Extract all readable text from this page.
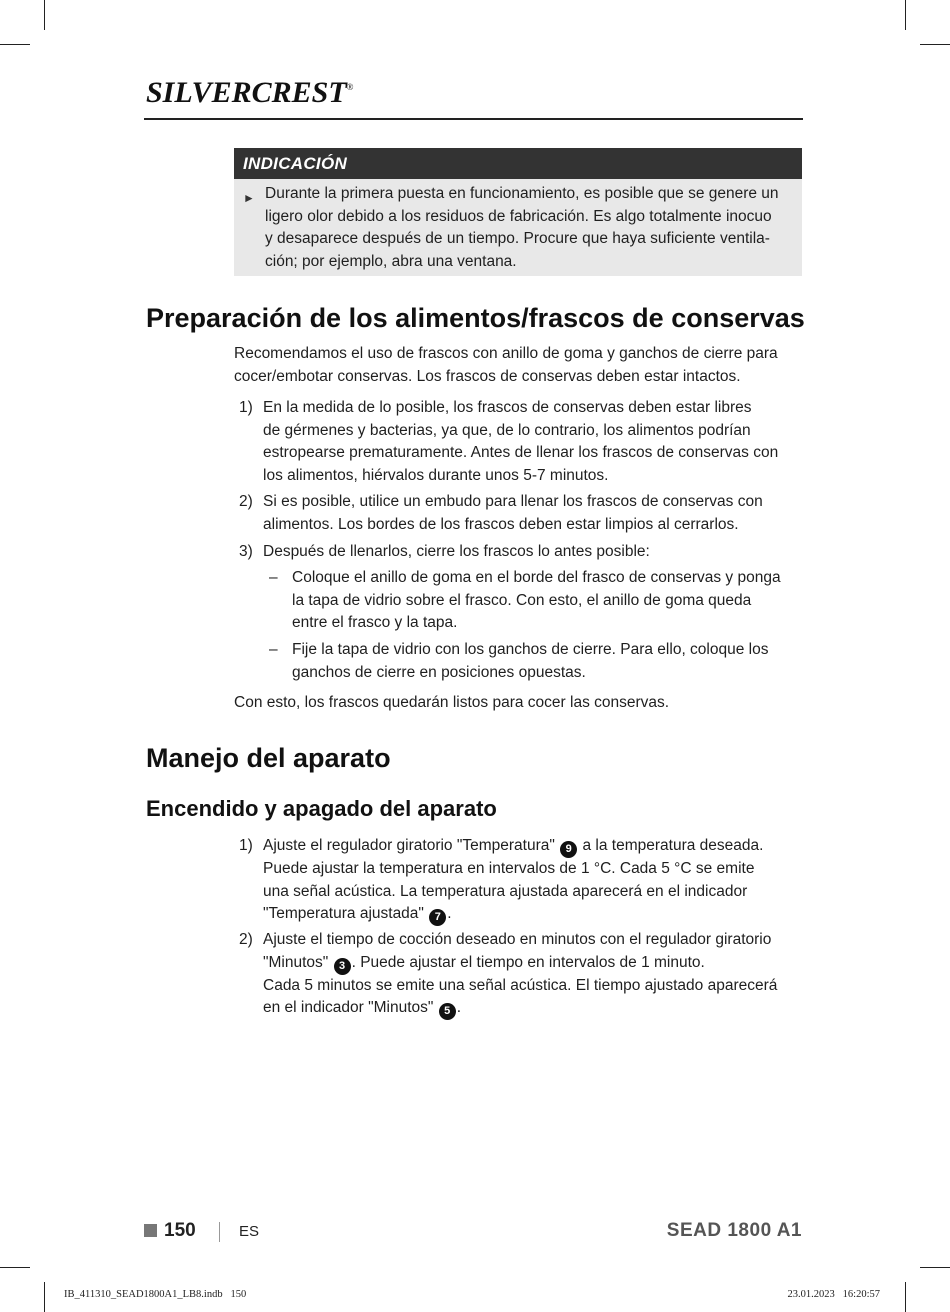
SILVERCREST®
INDICACIÓN
► Durante la primera puesta en funcionamiento, es posible que se genere un
ligero olor debido a los residuos de fabricación. Es algo totalmente inocuo
y desaparece después de un tiempo. Procure que haya suficiente ventila-
ción; por ejemplo, abra una ventana.
Preparación de los alimentos/frascos de conservas
Recomendamos el uso de frascos con anillo de goma y ganchos de cierre para
cocer/embotar conservas. Los frascos de conservas deben estar intactos.
1) En la medida de lo posible, los frascos de conservas deben estar libres
de gérmenes y bacterias, ya que, de lo contrario, los alimentos podrían
estropearse prematuramente. Antes de llenar los frascos de conservas con
los alimentos, hiérvalos durante unos 5-7 minutos.
2) Si es posible, utilice un embudo para llenar los frascos de conservas con
alimentos. Los bordes de los frascos deben estar limpios al cerrarlos.
3) Después de llenarlos, cierre los frascos lo antes posible:
– Coloque el anillo de goma en el borde del frasco de conservas y ponga
la tapa de vidrio sobre el frasco. Con esto, el anillo de goma queda
entre el frasco y la tapa.
– Fije la tapa de vidrio con los ganchos de cierre. Para ello, coloque los
ganchos de cierre en posiciones opuestas.
Con esto, los frascos quedarán listos para cocer las conservas.
Manejo del aparato
Encendido y apagado del aparato
1) Ajuste el regulador giratorio "Temperatura" 9 a la temperatura deseada.
Puede ajustar la temperatura en intervalos de 1 °C. Cada 5 °C se emite
una señal acústica. La temperatura ajustada aparecerá en el indicador
"Temperatura ajustada" 7 .
2) Ajuste el tiempo de cocción deseado en minutos con el regulador giratorio
"Minutos" 3 . Puede ajustar el tiempo en intervalos de 1 minuto.
Cada 5 minutos se emite una señal acústica. El tiempo ajustado aparecerá
en el indicador "Minutos" 5 .
150	ES	SEAD 1800 A1
IB_411310_SEAD1800A1_LB8.indb   150	23.01.2023   16:20:57
